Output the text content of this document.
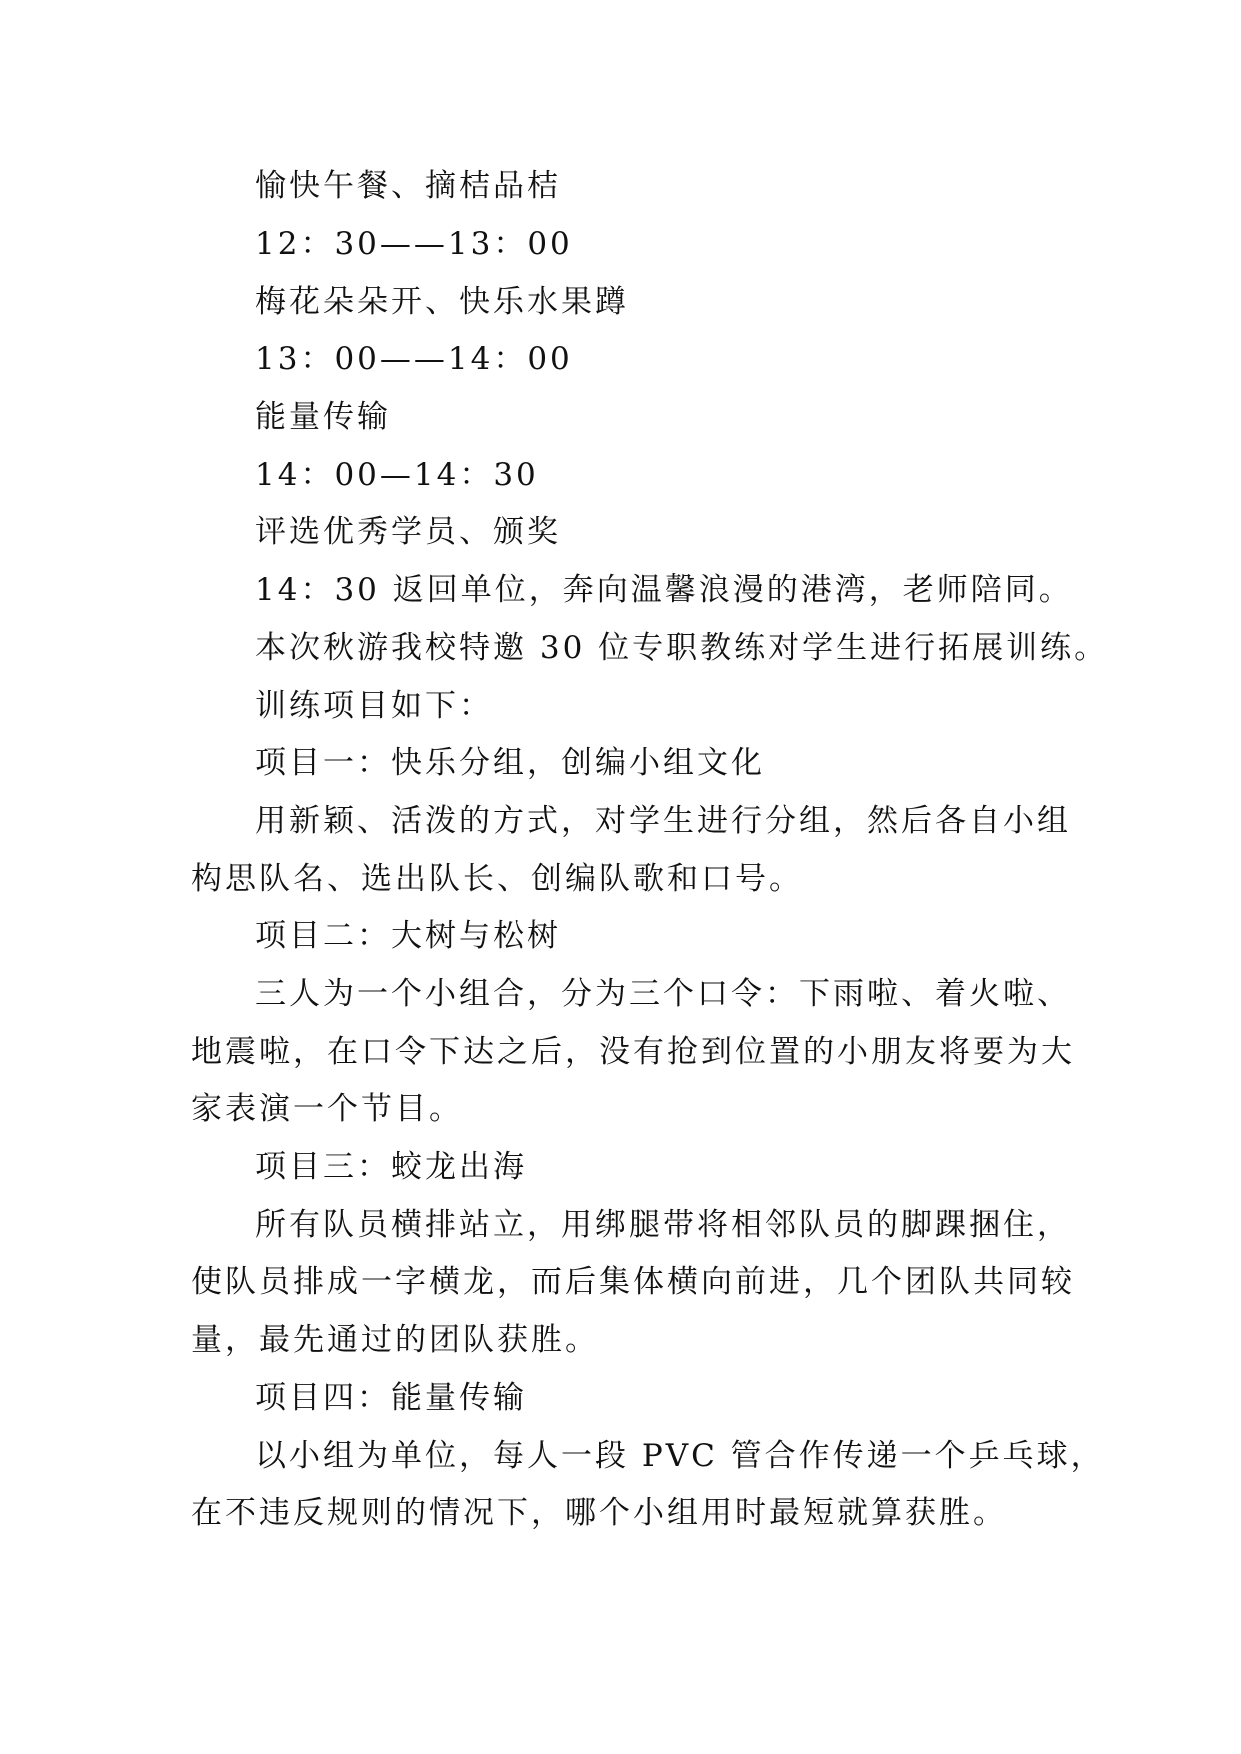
愉快午餐、摘桔品桔
12：30——13：00
梅花朵朵开、快乐水果蹲
13：00——14：00
能量传输
14：00—14：30
评选优秀学员、颁奖
14：30 返回单位，奔向温馨浪漫的港湾，老师陪同。
本次秋游我校特邀 30 位专职教练对学生进行拓展训练。
训练项目如下：
项目一：快乐分组，创编小组文化
用新颖、活泼的方式，对学生进行分组，然后各自小组
构思队名、选出队长、创编队歌和口号。
项目二：大树与松树
三人为一个小组合，分为三个口令：下雨啦、着火啦、
地震啦，在口令下达之后，没有抢到位置的小朋友将要为大
家表演一个节目。
项目三：蛟龙出海
所有队员横排站立，用绑腿带将相邻队员的脚踝捆住，
使队员排成一字横龙，而后集体横向前进，几个团队共同较
量，最先通过的团队获胜。
项目四：能量传输
以小组为单位，每人一段 PVC 管合作传递一个乒乓球，
在不违反规则的情况下，哪个小组用时最短就算获胜。
